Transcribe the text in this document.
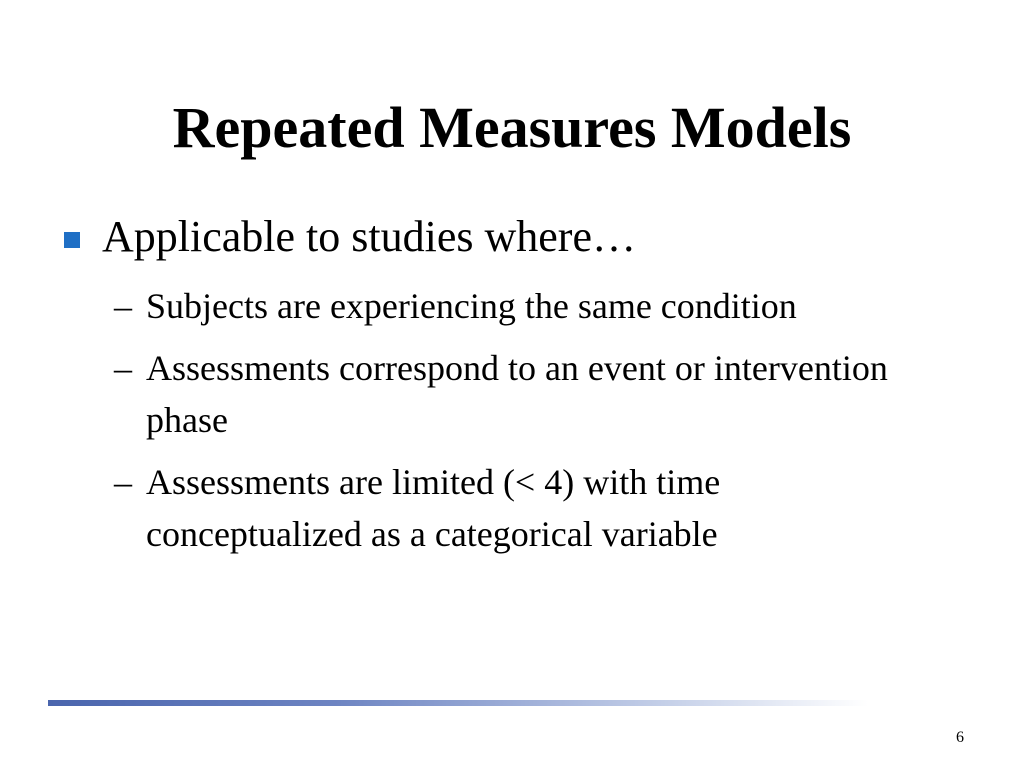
Repeated Measures Models
Applicable to studies where…
– Subjects are experiencing the same condition
– Assessments correspond to an event or intervention phase
– Assessments are limited (< 4) with time conceptualized as a categorical variable
6
